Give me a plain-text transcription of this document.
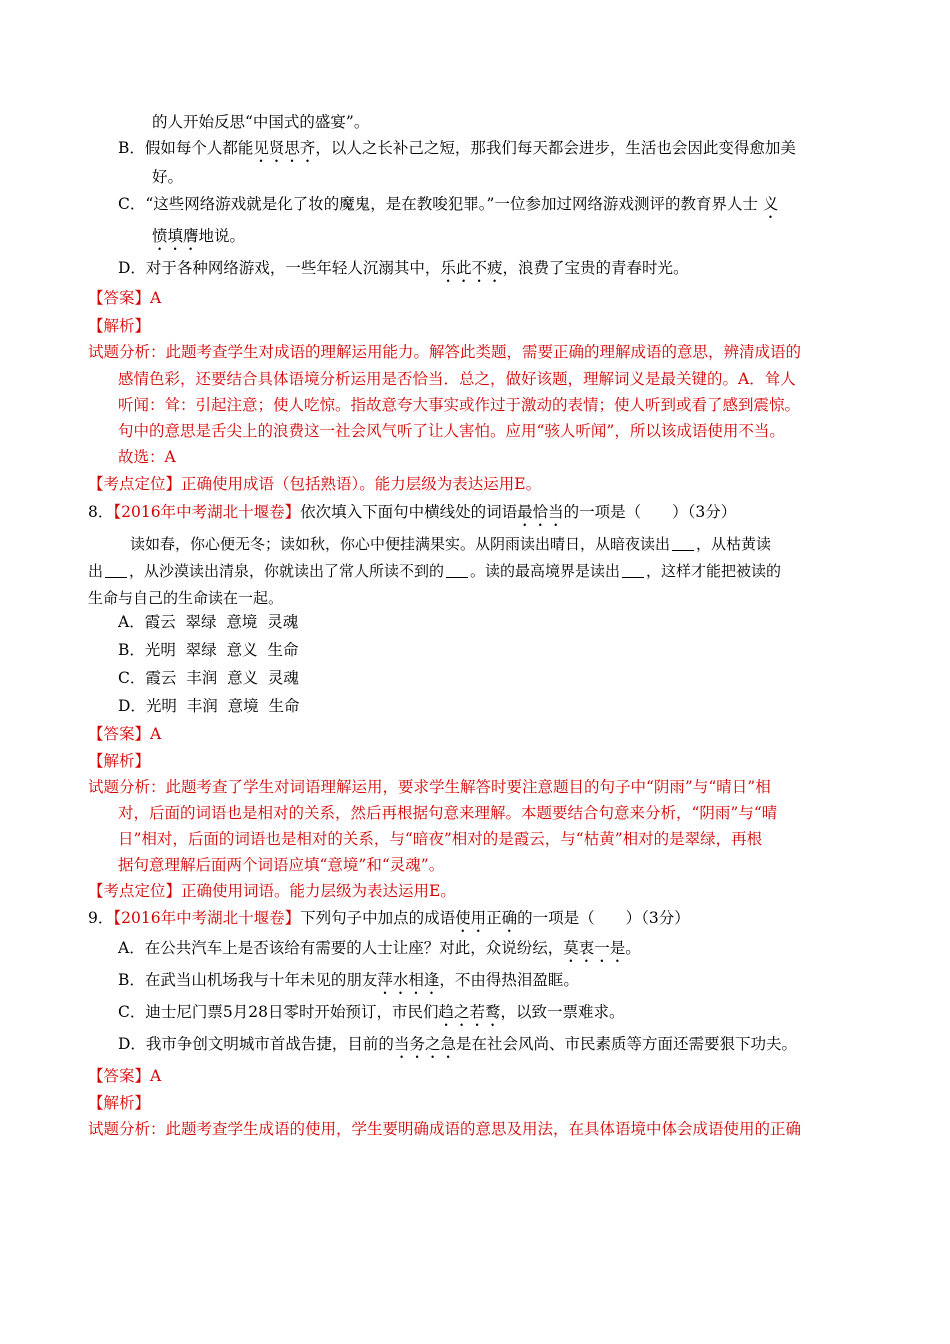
的人开始反思“中国式的盛宴”。
B．假如每个人都能见贤思齐，以人之长补己之短，那我们每天都会进步，生活也会因此变得愈加美
好。
C．“这些网络游戏就是化了妆的魔鬼，是在教唆犯罪。”一位参加过网络游戏测评的教育界人士 义
愤填膺地说。
D．对于各种网络游戏，一些年轻人沉溺其中，乐此不疲，浪费了宝贵的青春时光。
【答案】A
【解析】
试题分析：此题考查学生对成语的理解运用能力。解答此类题，需要正确的理解成语的意思，辨清成语的
感情色彩，还要结合具体语境分析运用是否恰当．总之，做好该题，理解词义是最关键的。A．耸人
听闻：耸：引起注意；使人吃惊。指故意夸大事实或作过于激动的表情；使人听到或看了感到震惊。
句中的意思是舌尖上的浪费这一社会风气听了让人害怕。应用“骇人听闻”，所以该成语使用不当。
故选：A
【考点定位】正确使用成语（包括熟语）。能力层级为表达运用E。
8．【2016年中考湖北十堰卷】依次填入下面句中横线处的词语最恰当的一项是（　　）（3分）
读如春，你心便无冬；读如秋，你心中便挂满果实。从阴雨读出晴日，从暗夜读出 ，从枯黄读
出 ，从沙漠读出清泉，你就读出了常人所读不到的 。读的最高境界是读出 ，这样才能把被读的
生命与自己的生命读在一起。
A．霞云  翠绿  意境  灵魂
B．光明  翠绿  意义  生命
C．霞云  丰润  意义  灵魂
D．光明  丰润  意境  生命
【答案】A
【解析】
试题分析：此题考查了学生对词语理解运用，要求学生解答时要注意题目的句子中“阴雨”与“晴日”相
对，后面的词语也是相对的关系，然后再根据句意来理解。本题要结合句意来分析，“阴雨”与“晴
日”相对，后面的词语也是相对的关系，与“暗夜”相对的是霞云，与“枯黄”相对的是翠绿，再根
据句意理解后面两个词语应填“意境”和“灵魂”。
【考点定位】正确使用词语。能力层级为表达运用E。
9．【2016年中考湖北十堰卷】下列句子中加点的成语使用正确的一项是（　　）（3分）
A．在公共汽车上是否该给有需要的人士让座？对此，众说纷纭，莫衷一是。
B．在武当山机场我与十年未见的朋友萍水相逢，不由得热泪盈眶。
C．迪士尼门票5月28日零时开始预订，市民们趋之若鹜，以致一票难求。
D．我市争创文明城市首战告捷，目前的当务之急是在社会风尚、市民素质等方面还需要狠下功夫。
【答案】A
【解析】
试题分析：此题考查学生成语的使用，学生要明确成语的意思及用法，在具体语境中体会成语使用的正确
